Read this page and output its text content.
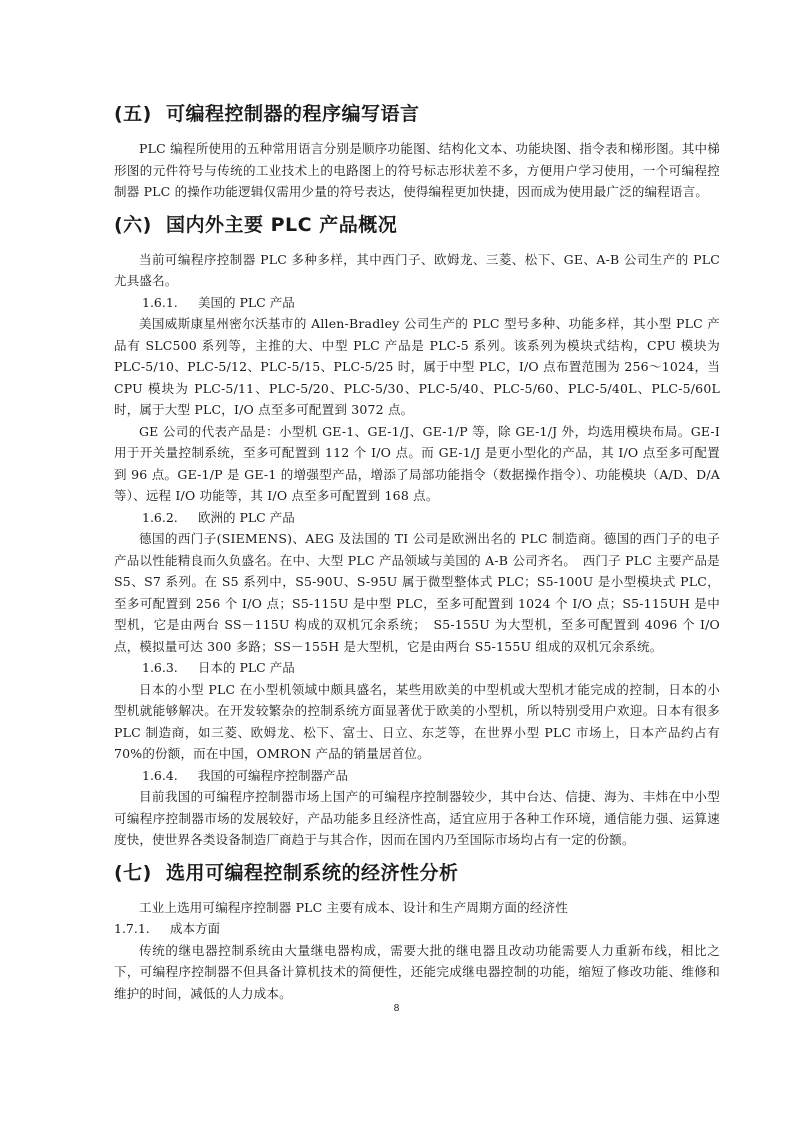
(五) 可编程控制器的程序编写语言

PLC 编程所使用的五种常用语言分别是顺序功能图、结构化文本、功能块图、指令表和梯形图。其中梯形图的元件符号与传统的工业技术上的电路图上的符号标志形状差不多，方便用户学习使用，一个可编程控制器 PLC 的操作功能逻辑仅需用少量的符号表达，使得编程更加快捷，因而成为使用最广泛的编程语言。

(六) 国内外主要 PLC 产品概况

当前可编程序控制器 PLC 多种多样，其中西门子、欧姆龙、三菱、松下、GE、A-B 公司生产的 PLC 尤具盛名。

1.6.1. 美国的 PLC 产品

美国威斯康星州密尔沃基市的 Allen-Bradley 公司生产的 PLC 型号多种、功能多样，其小型 PLC 产品有 SLC500 系列等，主推的大、中型 PLC 产品是 PLC-5 系列。该系列为模块式结构，CPU 模块为 PLC-5/10、PLC-5/12、PLC-5/15、PLC-5/25 时，属于中型 PLC，I/O 点布置范围为 256～1024，当 CPU 模块为 PLC-5/11、PLC-5/20、PLC-5/30、PLC-5/40、PLC-5/60、PLC-5/40L、PLC-5/60L 时，属于大型 PLC，I/O 点至多可配置到 3072 点。

GE 公司的代表产品是：小型机 GE-1、GE-1/J、GE-1/P 等，除 GE-1/J 外，均选用模块布局。GE-I 用于开关量控制系统，至多可配置到 112 个 I/O 点。而 GE-1/J 是更小型化的产品，其 I/O 点至多可配置到 96 点。GE-1/P 是 GE-1 的增强型产品，增添了局部功能指令（数据操作指令）、功能模块（A/D、D/A 等）、远程 I/O 功能等，其 I/O 点至多可配置到 168 点。

1.6.2. 欧洲的 PLC 产品

德国的西门子(SIEMENS)、AEG 及法国的 TI 公司是欧洲出名的 PLC 制造商。德国的西门子的电子产品以性能精良而久负盛名。在中、大型 PLC 产品领域与美国的 A-B 公司齐名。　西门子 PLC 主要产品是 S5、S7 系列。在 S5 系列中，S5-90U、S-95U 属于微型整体式 PLC；S5-100U 是小型模块式 PLC，至多可配置到 256 个 I/O 点；S5-115U 是中型 PLC，至多可配置到 1024 个 I/O 点；S5-115UH 是中型机，它是由两台 SS－115U 构成的双机冗余系统；　S5-155U 为大型机，至多可配置到 4096 个 I/O 点，模拟量可达 300 多路；SS－155H 是大型机，它是由两台 S5-155U 组成的双机冗余系统。

1.6.3. 日本的 PLC 产品

日本的小型 PLC 在小型机领域中颇具盛名，某些用欧美的中型机或大型机才能完成的控制，日本的小型机就能够解决。在开发较繁杂的控制系统方面显著优于欧美的小型机，所以特别受用户欢迎。日本有很多 PLC 制造商，如三菱、欧姆龙、松下、富士、日立、东芝等，在世界小型 PLC 市场上，日本产品约占有 70%的份额，而在中国，OMRON 产品的销量居首位。

1.6.4. 我国的可编程序控制器产品

目前我国的可编程序控制器市场上国产的可编程序控制器较少，其中台达、信捷、海为、丰炜在中小型可编程序控制器市场的发展较好，产品功能多且经济性高，适宜应用于各种工作环境，通信能力强、运算速度快，使世界各类设备制造厂商趋于与其合作，因而在国内乃至国际市场均占有一定的份额。

(七) 选用可编程控制系统的经济性分析

工业上选用可编程序控制器 PLC 主要有成本、设计和生产周期方面的经济性

1.7.1. 成本方面

传统的继电器控制系统由大量继电器构成，需要大批的继电器且改动功能需要人力重新布线，相比之下，可编程序控制器不但具备计算机技术的简便性，还能完成继电器控制的功能，缩短了修改功能、维修和维护的时间，减低的人力成本。

8
